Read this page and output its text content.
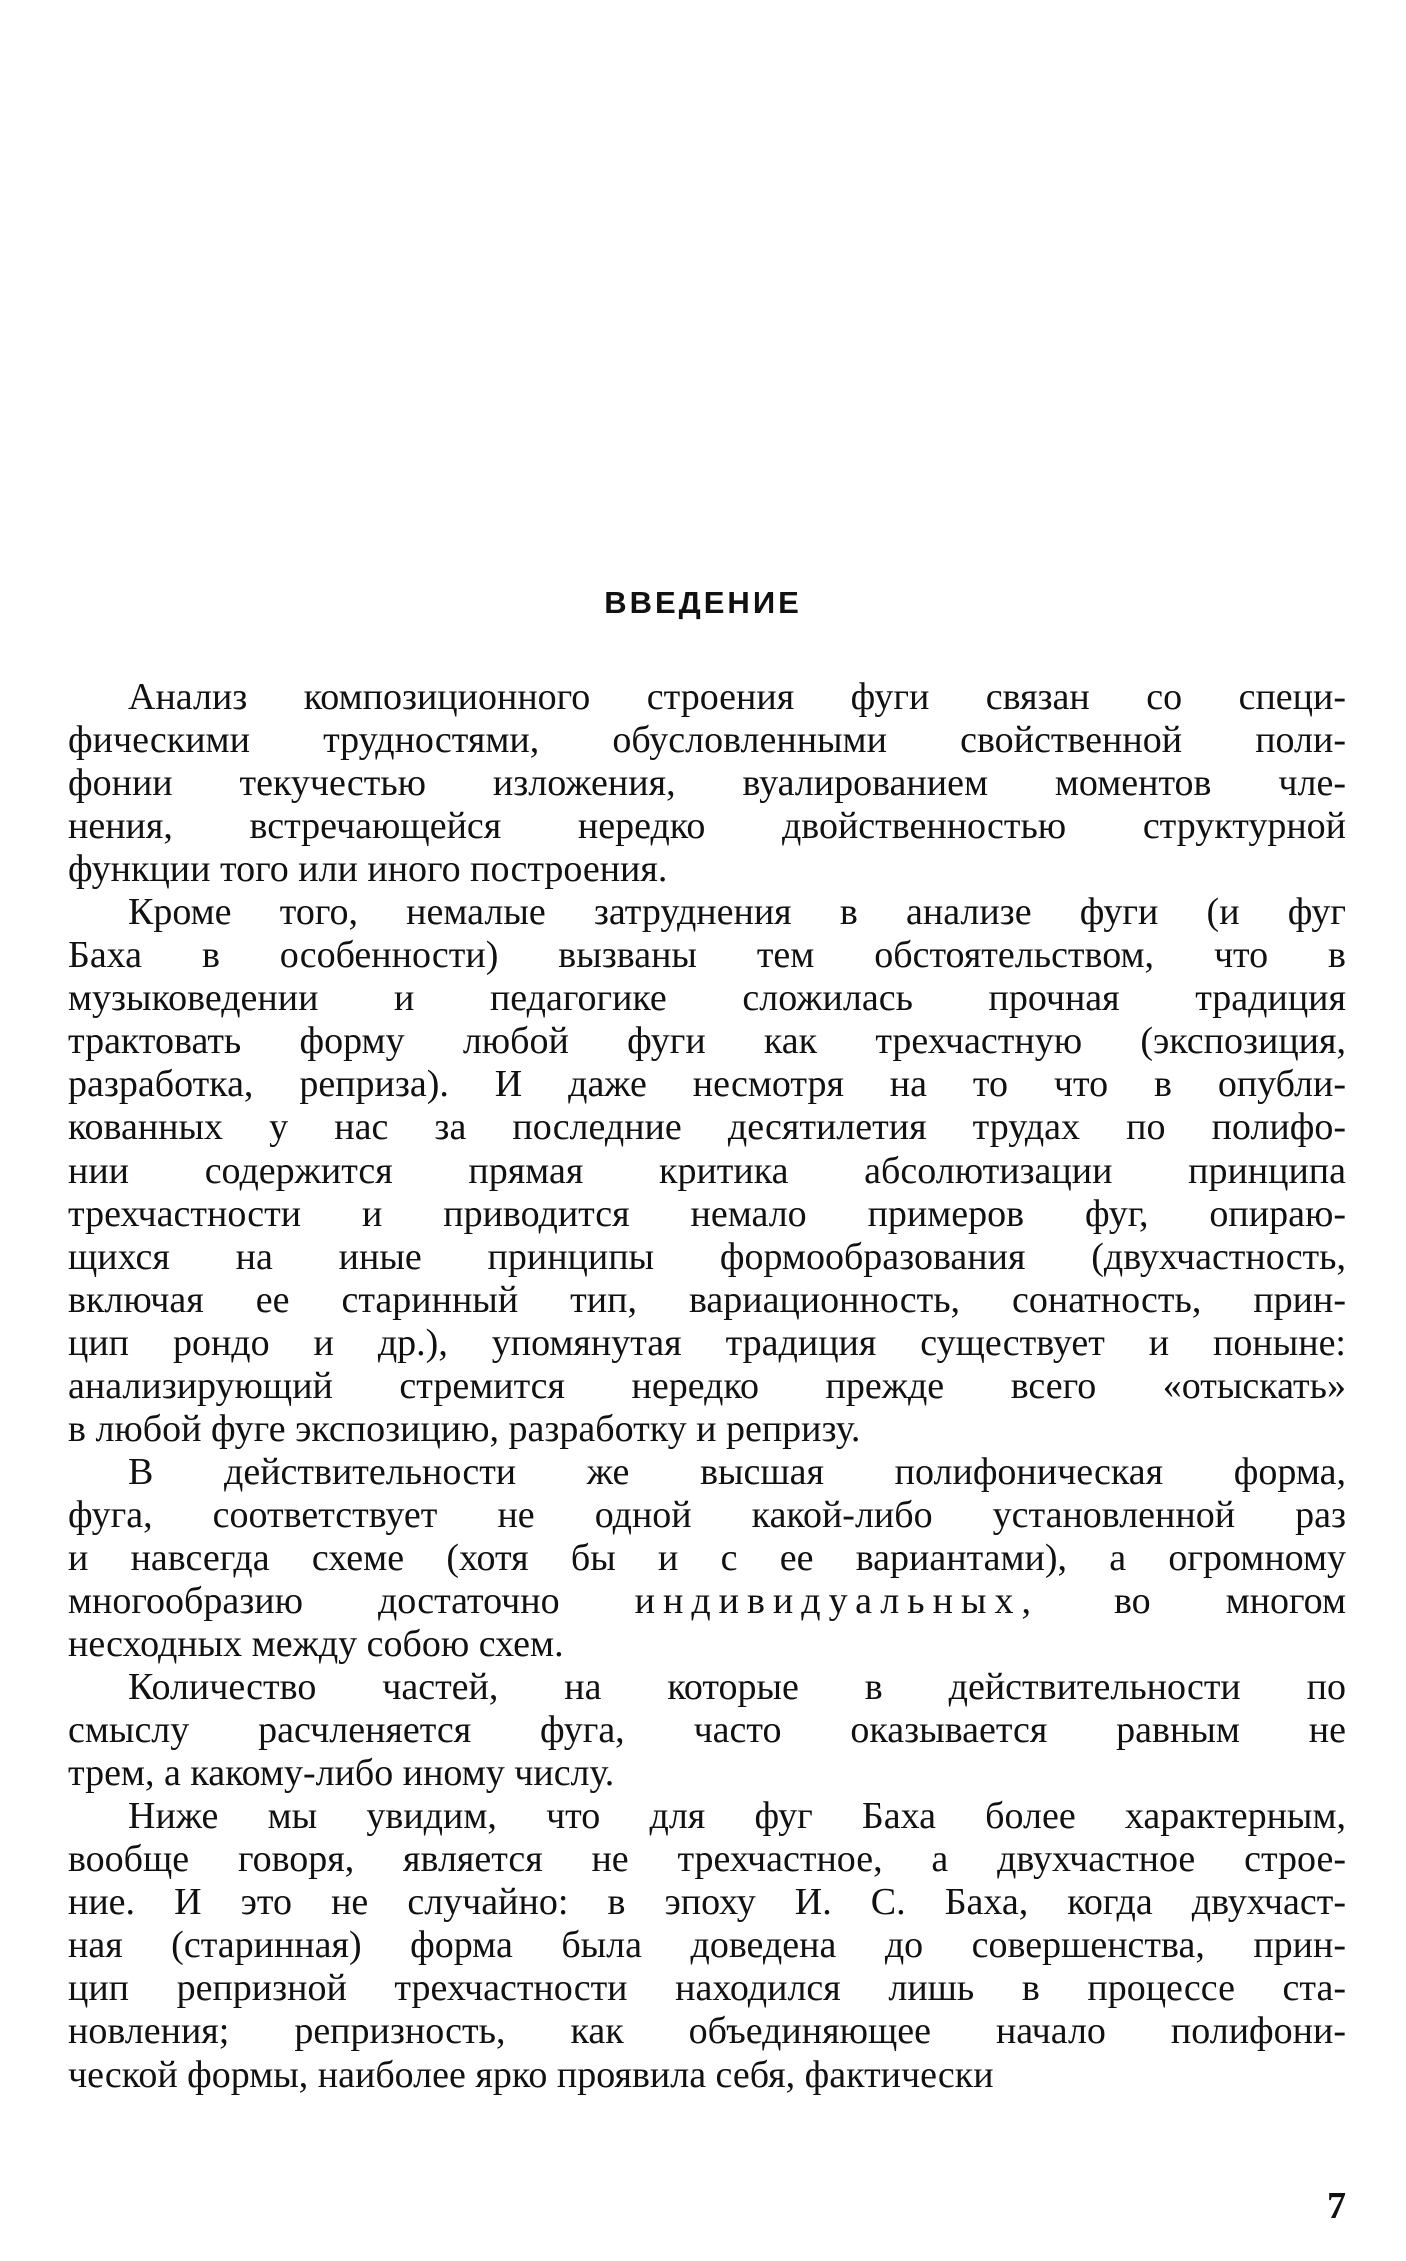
ВВЕДЕНИЕ
Анализ композиционного строения фуги связан со специ-
фическими трудностями, обусловленными свойственной поли-
фонии текучестью изложения, вуалированием моментов чле-
нения, встречающейся нередко двойственностью структурной
функции того или иного построения.
Кроме того, немалые затруднения в анализе фуги (и фуг
Баха в особенности) вызваны тем обстоятельством, что в
музыковедении и педагогике сложилась прочная традиция
трактовать форму любой фуги как трехчастную (экспозиция,
разработка, реприза). И даже несмотря на то что в опубли-
кованных у нас за последние десятилетия трудах по полифо-
нии содержится прямая критика абсолютизации принципа
трехчастности и приводится немало примеров фуг, опираю-
щихся на иные принципы формообразования (двухчастность,
включая ее старинный тип, вариационность, сонатность, прин-
цип рондо и др.), упомянутая традиция существует и поныне:
анализирующий стремится нередко прежде всего «отыскать»
в любой фуге экспозицию, разработку и репризу.
В действительности же высшая полифоническая форма,
фуга, соответствует не одной какой-либо установленной раз
и навсегда схеме (хотя бы и с ее вариантами), а огромному
многообразию достаточно индивидуальных, во многом
несходных между собою схем.
Количество частей, на которые в действительности по
смыслу расчленяется фуга, часто оказывается равным не
трем, а какому-либо иному числу.
Ниже мы увидим, что для фуг Баха более характерным,
вообще говоря, является не трехчастное, а двухчастное строе-
ние. И это не случайно: в эпоху И. С. Баха, когда двухчаст-
ная (старинная) форма была доведена до совершенства, прин-
цип репризной трехчастности находился лишь в процессе ста-
новления; репризность, как объединяющее начало полифони-
ческой формы, наиболее ярко проявила себя, фактически
7
